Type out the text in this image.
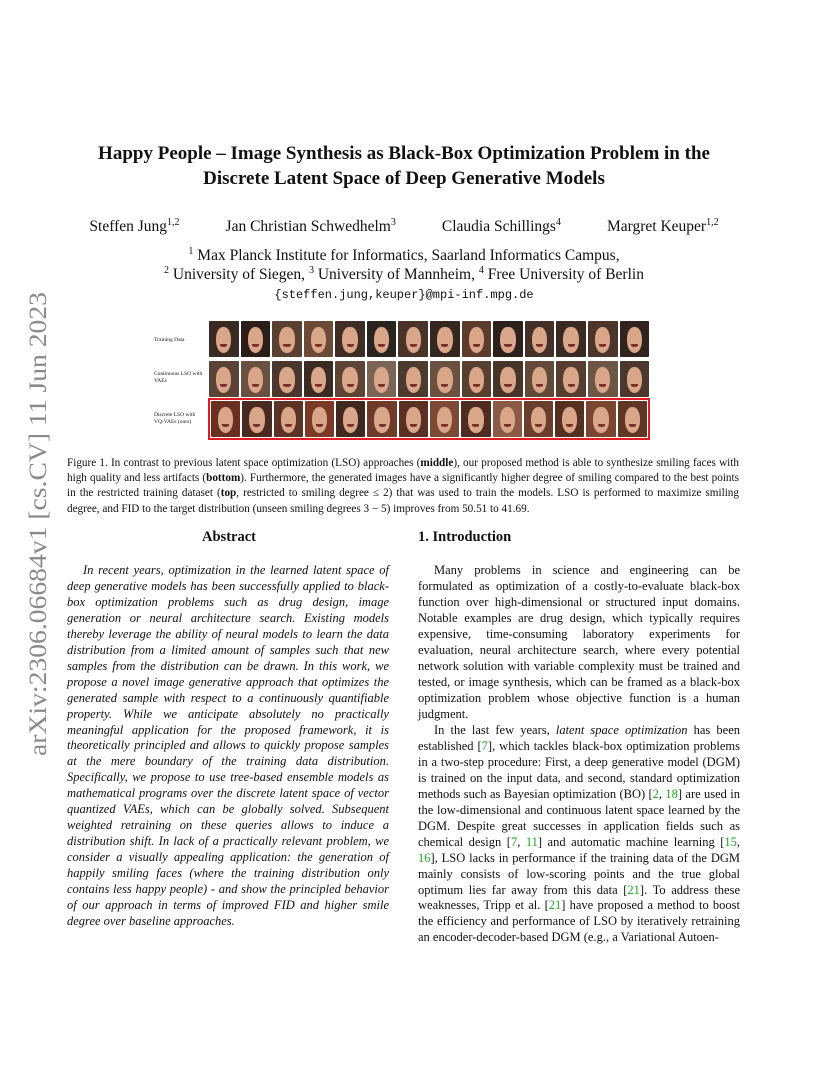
arXiv:2306.06684v1 [cs.CV] 11 Jun 2023
Happy People – Image Synthesis as Black-Box Optimization Problem in the
Discrete Latent Space of Deep Generative Models
Steffen Jung$^{1,2}$	Jan Christian Schwedhelm$^3$	Claudia Schillings$^4$	Margret Keuper$^{1,2}$
$^1$ Max Planck Institute for Informatics, Saarland Informatics Campus,
$^2$ University of Siegen, $^3$ University of Mannheim, $^4$ Free University of Berlin
{steffen.jung,keuper}@mpi-inf.mpg.de
Training Data
Continuous LSO with VAEs
Discrete LSO with VQ-VAEs (ours)
Figure 1. In contrast to previous latent space optimization (LSO) approaches (middle), our proposed method is able to synthesize smiling faces with high quality and less artifacts (bottom). Furthermore, the generated images have a significantly higher degree of smiling compared to the best points in the restricted training dataset (top, restricted to smiling degree ≤ 2) that was used to train the models. LSO is performed to maximize smiling degree, and FID to the target distribution (unseen smiling degrees 3 − 5) improves from 50.51 to 41.69.
Abstract

In recent years, optimization in the learned latent space of deep generative models has been successfully applied to black-box optimization problems such as drug design, image generation or neural architecture search. Existing models thereby leverage the ability of neural models to learn the data distribution from a limited amount of samples such that new samples from the distribution can be drawn. In this work, we propose a novel image generative approach that optimizes the generated sample with respect to a continuously quantifiable property. While we anticipate absolutely no practically meaningful application for the proposed framework, it is theoretically principled and allows to quickly propose samples at the mere boundary of the training data distribution. Specifically, we propose to use tree-based ensemble models as mathematical programs over the discrete latent space of vector quantized VAEs, which can be globally solved. Subsequent weighted retraining on these queries allows to induce a distribution shift. In lack of a practically relevant problem, we consider a visually appealing application: the generation of happily smiling faces (where the training distribution only contains less happy people) - and show the principled behavior of our approach in terms of improved FID and higher smile degree over baseline approaches.

1. Introduction

Many problems in science and engineering can be formulated as optimization of a costly-to-evaluate black-box function over high-dimensional or structured input domains. Notable examples are drug design, which typically requires expensive, time-consuming laboratory experiments for evaluation, neural architecture search, where every potential network solution with variable complexity must be trained and tested, or image synthesis, which can be framed as a black-box optimization problem whose objective function is a human judgment.

In the last few years, latent space optimization has been established [7], which tackles black-box optimization problems in a two-step procedure: First, a deep generative model (DGM) is trained on the input data, and second, standard optimization methods such as Bayesian optimization (BO) [2, 18] are used in the low-dimensional and continuous latent space learned by the DGM. Despite great successes in application fields such as chemical design [7, 11] and automatic machine learning [15, 16], LSO lacks in performance if the training data of the DGM mainly consists of low-scoring points and the true global optimum lies far away from this data [21]. To address these weaknesses, Tripp et al. [21] have proposed a method to boost the efficiency and performance of LSO by iteratively retraining an encoder-decoder-based DGM (e.g., a Variational Autoen-
